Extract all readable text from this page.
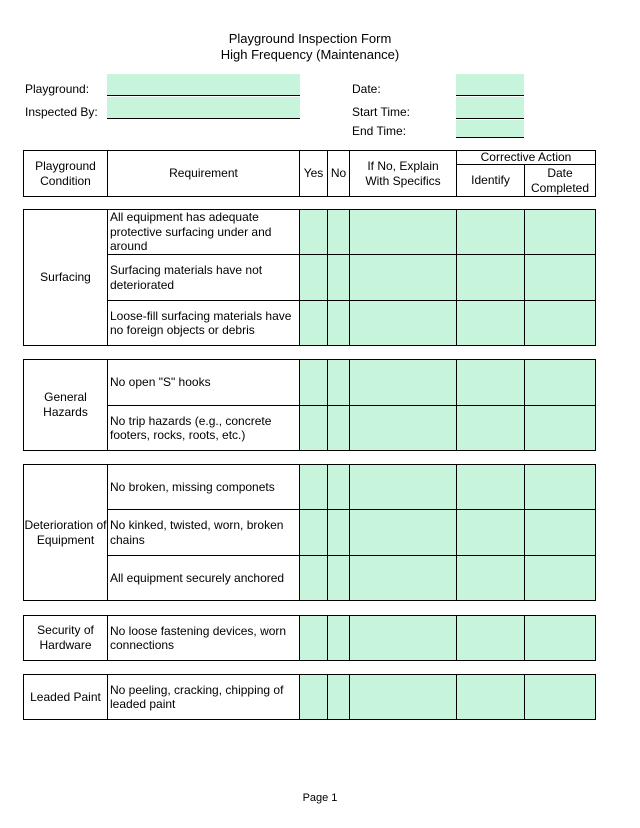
Playground Inspection Form
High Frequency (Maintenance)
Playground:
Inspected By:
Date:
Start Time:
End Time:
Playground Condition
Requirement	Yes No
If No, Explain With Specifics
Corrective Action
Identify
Date Completed
Surfacing
All equipment has adequate protective surfacing under and around
Surfacing materials have not deteriorated
Loose-fill surfacing materials have no foreign objects or debris
General Hazards
No open "S" hooks
No trip hazards (e.g., concrete footers, rocks, roots, etc.)
Deterioration of Equipment
No broken, missing componets
No kinked, twisted, worn, broken chains
All equipment securely anchored
Security of Hardware
No loose fastening devices, worn connections
Leaded Paint No peeling, cracking, chipping of leaded paint
Page 1
